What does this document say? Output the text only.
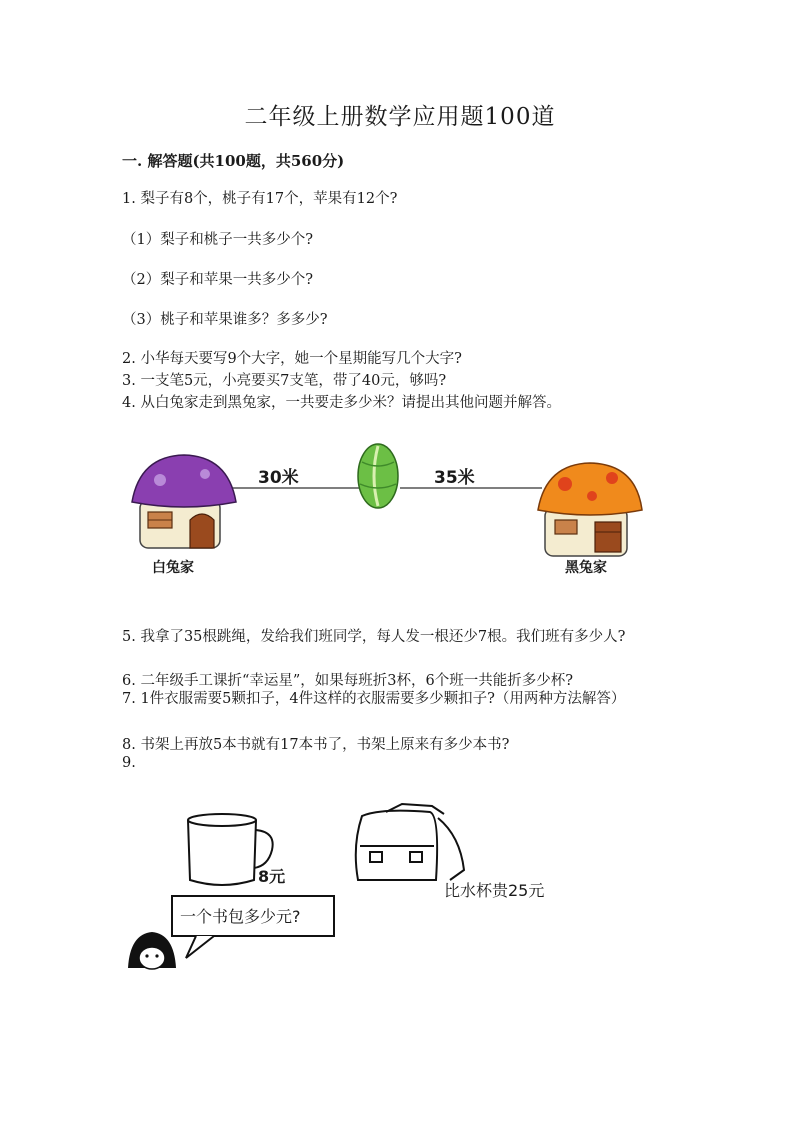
二年级上册数学应用题100道
一. 解答题(共100题，共560分)
1. 梨子有8个，桃子有17个，苹果有12个?
（1）梨子和桃子一共多少个?
（2）梨子和苹果一共多少个?
（3）桃子和苹果谁多？多多少?
2. 小华每天要写9个大字，她一个星期能写几个大字?
3. 一支笔5元，小亮要买7支笔，带了40元，够吗?
4. 从白兔家走到黑兔家，一共要走多少米？请提出其他问题并解答。
30米	35米
白兔家	黑兔家
5. 我拿了35根跳绳，发给我们班同学，每人发一根还少7根。我们班有多少人?
6. 二年级手工课折“幸运星”，如果每班折3杯，6个班一共能折多少杯?
7. 1件衣服需要5颗扣子，4件这样的衣服需要多少颗扣子?（用两种方法解答）
8. 书架上再放5本书就有17本书了，书架上原来有多少本书?
9.
8元
比水杯贵25元
一个书包多少元?
